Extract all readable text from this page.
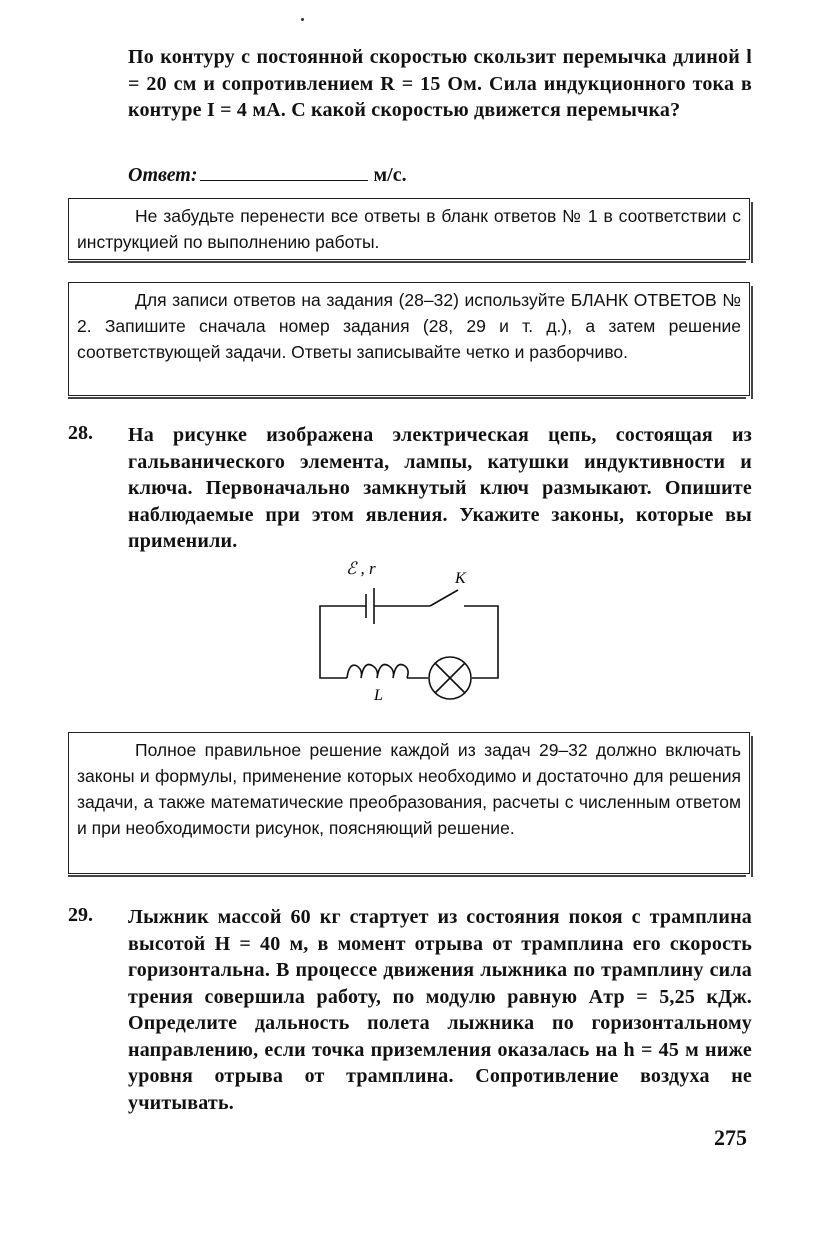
По контуру с постоянной скоростью скользит перемычка длиной l = 20 см и сопротивлением R = 15 Ом. Сила индукционного тока в контуре I = 4 мА. С какой скоростью движется перемычка?

Ответ:	м/с.

Не забудьте перенести все ответы в бланк ответов № 1 в соответствии с инструкцией по выполнению работы.

Для записи ответов на задания (28–32) используйте БЛАНК ОТВЕТОВ № 2. Запишите сначала номер задания (28, 29 и т. д.), а затем решение соответствующей задачи. Ответы записывайте четко и разборчиво.

28. На рисунке изображена электрическая цепь, состоящая из гальванического элемента, лампы, катушки индуктивности и ключа. Первоначально замкнутый ключ размыкают. Опишите наблюдаемые при этом явления. Укажите законы, которые вы применили.

ℰ , r
K
L

Полное правильное решение каждой из задач 29–32 должно включать законы и формулы, применение которых необходимо и достаточно для решения задачи, а также математические преобразования, расчеты с численным ответом и при необходимости рисунок, поясняющий решение.

29. Лыжник массой 60 кг стартует из состояния покоя с трамплина высотой H = 40 м, в момент отрыва от трамплина его скорость горизонтальна. В процессе движения лыжника по трамплину сила трения совершила работу, по модулю равную Aтр = 5,25 кДж. Определите дальность полета лыжника по горизонтальному направлению, если точка приземления оказалась на h = 45 м ниже уровня отрыва от трамплина. Сопротивление воздуха не учитывать.

275
